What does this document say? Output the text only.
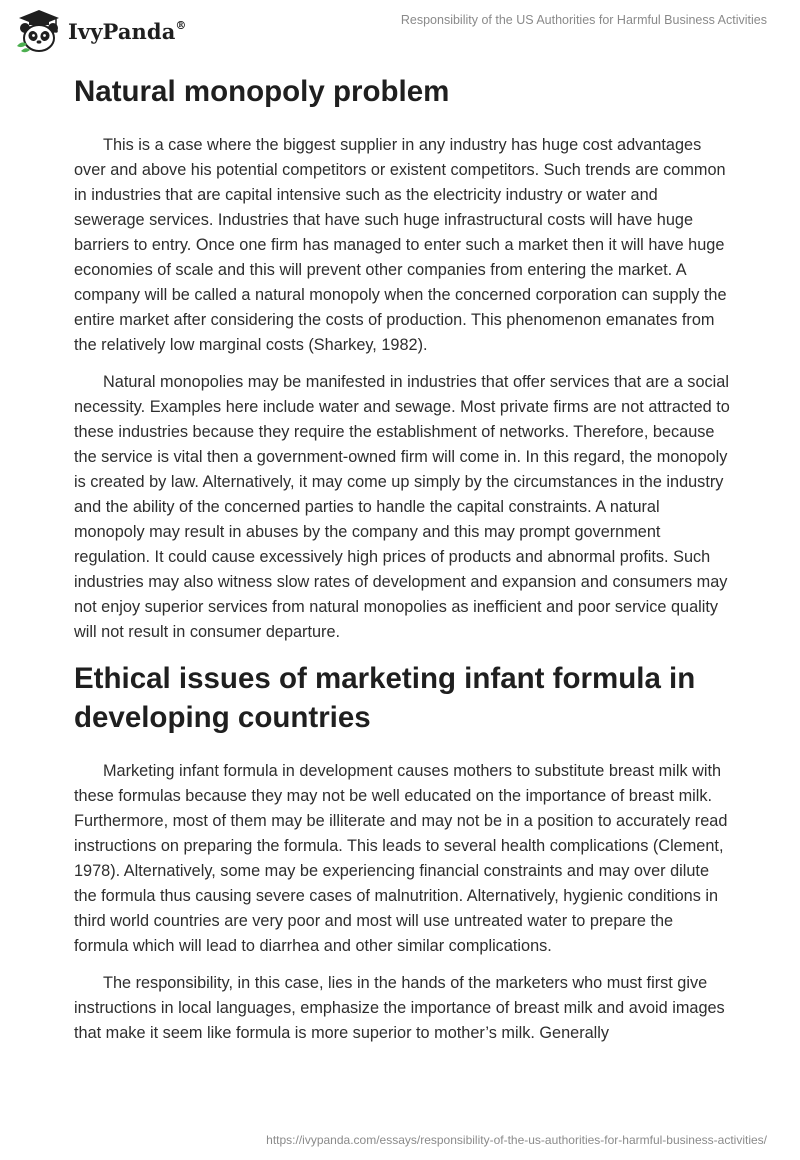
IvyPanda®	Responsibility of the US Authorities for Harmful Business Activities
Natural monopoly problem

This is a case where the biggest supplier in any industry has huge cost advantages over and above his potential competitors or existent competitors. Such trends are common in industries that are capital intensive such as the electricity industry or water and sewerage services. Industries that have such huge infrastructural costs will have huge barriers to entry. Once one firm has managed to enter such a market then it will have huge economies of scale and this will prevent other companies from entering the market. A company will be called a natural monopoly when the concerned corporation can supply the entire market after considering the costs of production. This phenomenon emanates from the relatively low marginal costs (Sharkey, 1982).

Natural monopolies may be manifested in industries that offer services that are a social necessity. Examples here include water and sewage. Most private firms are not attracted to these industries because they require the establishment of networks. Therefore, because the service is vital then a government-owned firm will come in. In this regard, the monopoly is created by law. Alternatively, it may come up simply by the circumstances in the industry and the ability of the concerned parties to handle the capital constraints. A natural monopoly may result in abuses by the company and this may prompt government regulation. It could cause excessively high prices of products and abnormal profits. Such industries may also witness slow rates of development and expansion and consumers may not enjoy superior services from natural monopolies as inefficient and poor service quality will not result in consumer departure.

Ethical issues of marketing infant formula in developing countries

Marketing infant formula in development causes mothers to substitute breast milk with these formulas because they may not be well educated on the importance of breast milk. Furthermore, most of them may be illiterate and may not be in a position to accurately read instructions on preparing the formula. This leads to several health complications (Clement, 1978). Alternatively, some may be experiencing financial constraints and may over dilute the formula thus causing severe cases of malnutrition. Alternatively, hygienic conditions in third world countries are very poor and most will use untreated water to prepare the formula which will lead to diarrhea and other similar complications.

The responsibility, in this case, lies in the hands of the marketers who must first give instructions in local languages, emphasize the importance of breast milk and avoid images that make it seem like formula is more superior to mother’s milk. Generally

https://ivypanda.com/essays/responsibility-of-the-us-authorities-for-harmful-business-activities/
